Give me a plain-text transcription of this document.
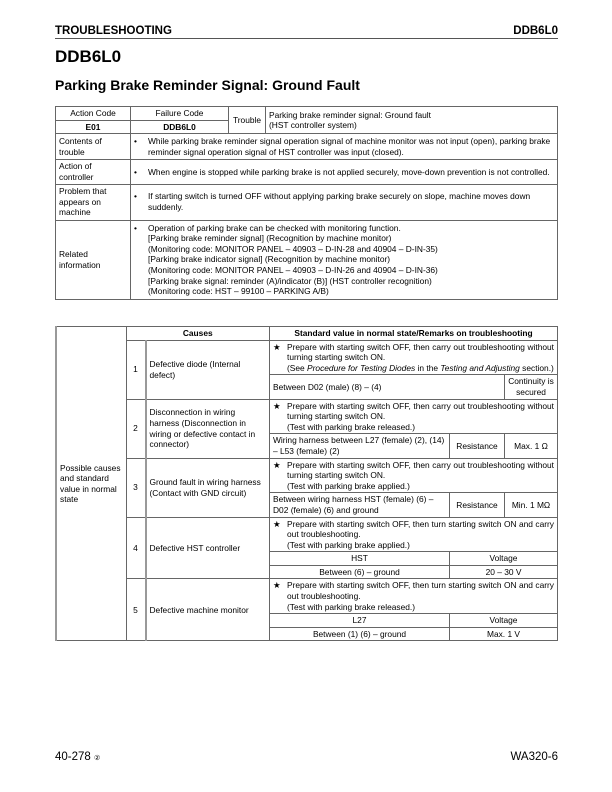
TROUBLESHOOTING	DDB6L0
DDB6L0
Parking Brake Reminder Signal: Ground Fault
Action Code	Failure Code	Trouble	Parking brake reminder signal: Ground fault
(HST controller system)

E01	DDB6L0		
Contents of trouble	• While parking brake reminder signal operation signal of machine monitor was not input (open), parking brake reminder signal operation signal of HST controller was input (closed).		

Action of controller	• When engine is stopped while parking brake is not applied securely, move-down prevention is not controlled.		

Problem that appears on machine	• If starting switch is turned OFF without applying parking brake securely on slope, machine moves down suddenly.		

Related information	
•	Operation of parking brake can be checked with monitoring function.
[Parking brake reminder signal] (Recognition by machine monitor)
(Monitoring code: MONITOR PANEL – 40903 – D-IN-28 and 40904 – D-IN-35)
[Parking brake indicator signal] (Recognition by machine monitor)
(Monitoring code: MONITOR PANEL – 40903 – D-IN-26 and 40904 – D-IN-36)
[Parking brake signal: reminder (A)/indicator (B)] (HST controller recognition)
(Monitoring code: HST – 99100 – PARKING A/B)
Possible causes and standard value in normal state	Causes		Standard value in normal state/Remarks on troubleshooting		
	1	Defective diode (Internal defect)	★ Prepare with starting switch OFF, then carry out troubleshooting without turning starting switch ON.
(See Procedure for Testing Diodes in the Testing and Adjusting section.)		

			Between D02 (male) (8) – (4)		Continuity is secured
	2	Disconnection in wiring harness (Disconnection in wiring or defective contact in connector)	★ Prepare with starting switch OFF, then carry out troubleshooting without turning starting switch ON.
(Test with parking brake released.)		

			Wiring harness between L27 (female) (2), (14) – L53 (female) (2)	Resistance	Max. 1 Ω
	3	Ground fault in wiring harness (Contact with GND circuit)	★ Prepare with starting switch OFF, then carry out troubleshooting without turning starting switch ON.
(Test with parking brake applied.)		

			Between wiring harness HST (female) (6) – D02 (female) (6) and ground	Resistance	Min. 1 MΩ
	4	Defective HST controller	★ Prepare with starting switch OFF, then turn starting switch ON and carry out troubleshooting.
(Test with parking brake applied.)		

			HST	Voltage	
			Between (6) – ground	20 – 30 V	
	5	Defective machine monitor	★ Prepare with starting switch OFF, then turn starting switch ON and carry out troubleshooting.
(Test with parking brake released.)		

			L27	Voltage	
			Between (1) (6) – ground	Max. 1 V	
40-278 ②	WA320-6
